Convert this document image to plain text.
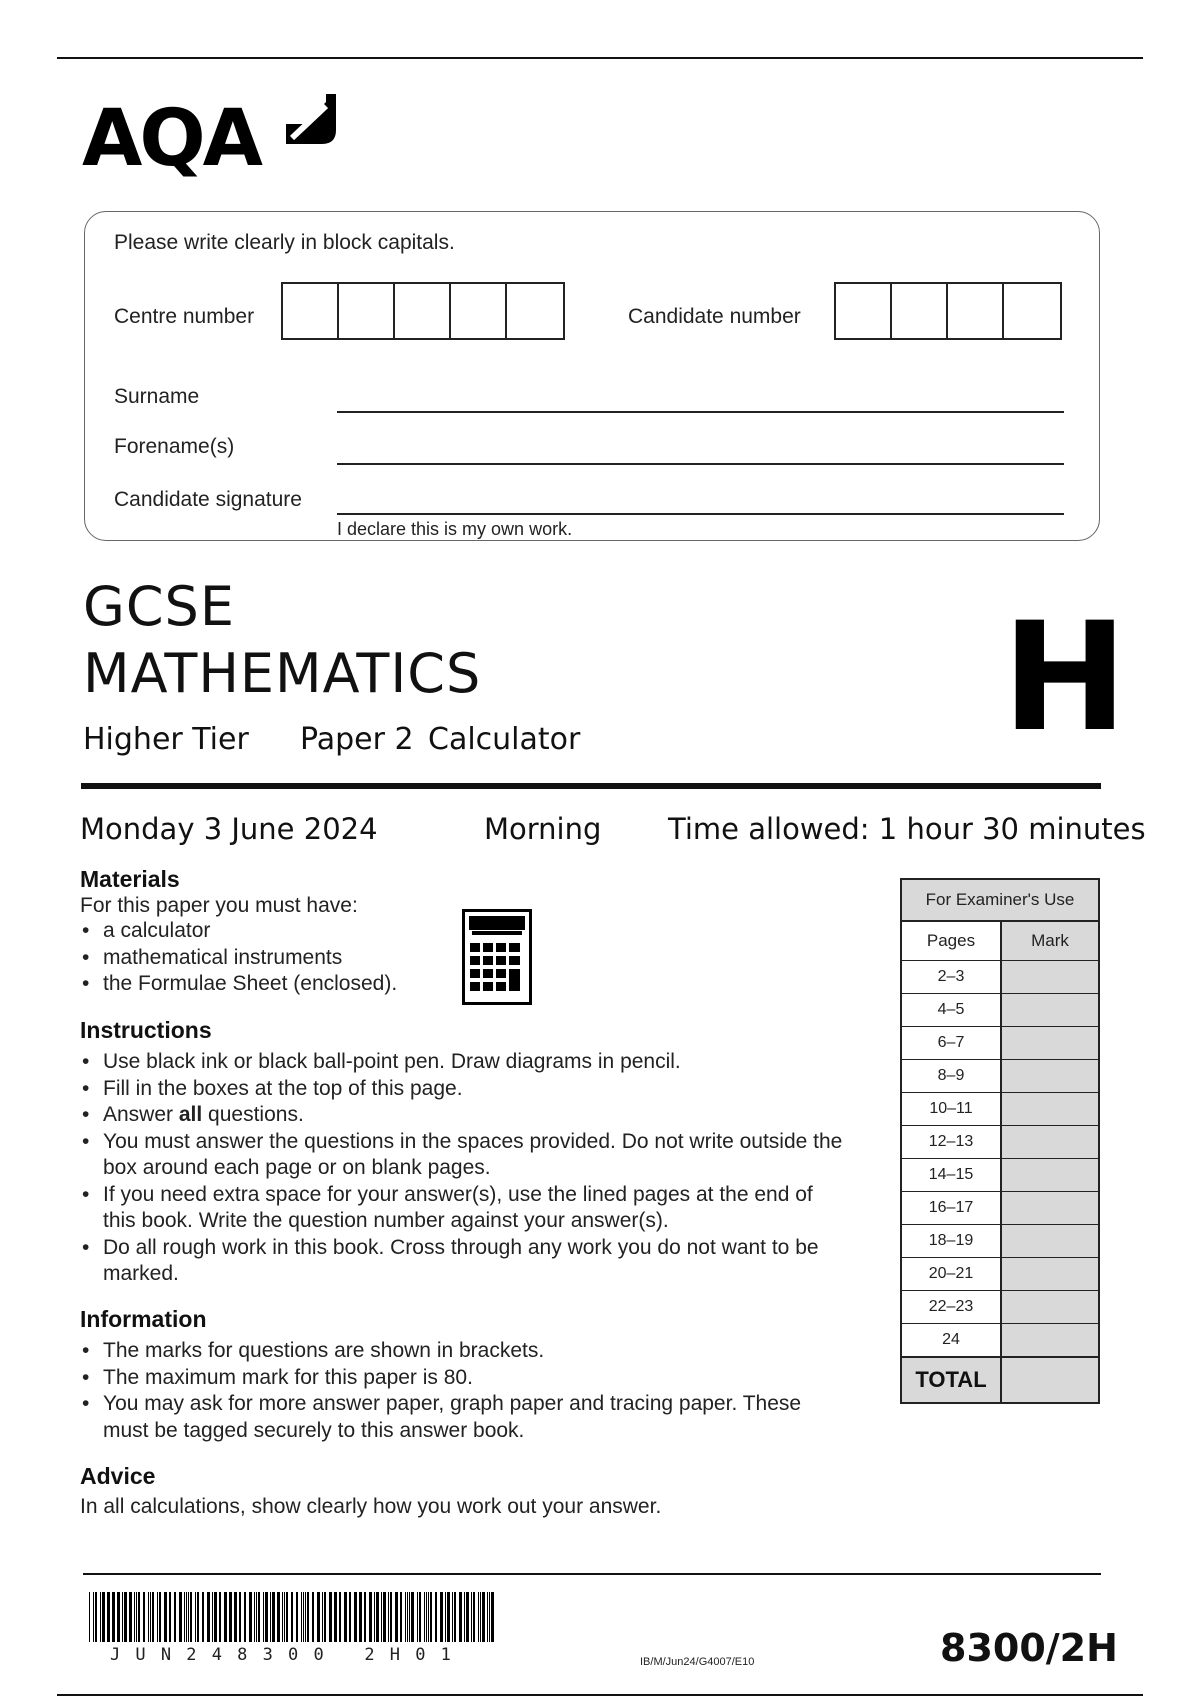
AQA
Please write clearly in block capitals.
Centre number	Candidate number
Surname
Forename(s)
Candidate signature
I declare this is my own work.
GCSE
MATHEMATICS	H
Higher Tier Paper 2 Calculator
Monday 3 June 2024	Morning Time allowed: 1 hour 30 minutes
Materials
For this paper you must have:
• a calculator
• mathematical instruments
• the Formulae Sheet (enclosed).
Instructions
• Use black ink or black ball-point pen. Draw diagrams in pencil.
• Fill in the boxes at the top of this page.
• Answer all questions.
• You must answer the questions in the spaces provided. Do not write outside the box around each page or on blank pages.
• If you need extra space for your answer(s), use the lined pages at the end of this book. Write the question number against your answer(s).
• Do all rough work in this book. Cross through any work you do not want to be marked.
Information
• The marks for questions are shown in brackets.
• The maximum mark for this paper is 80.
• You may ask for more answer paper, graph paper and tracing paper. These must be tagged securely to this answer book.
Advice
In all calculations, show clearly how you work out your answer.
For Examiner's Use
Pages	Mark
2–3
4–5
6–7
8–9
10–11
12–13
14–15
16–17
18–19
20–21
22–23
24
TOTAL
JUN248300 2H01	IB/M/Jun24/G4007/E10	8300/2H
